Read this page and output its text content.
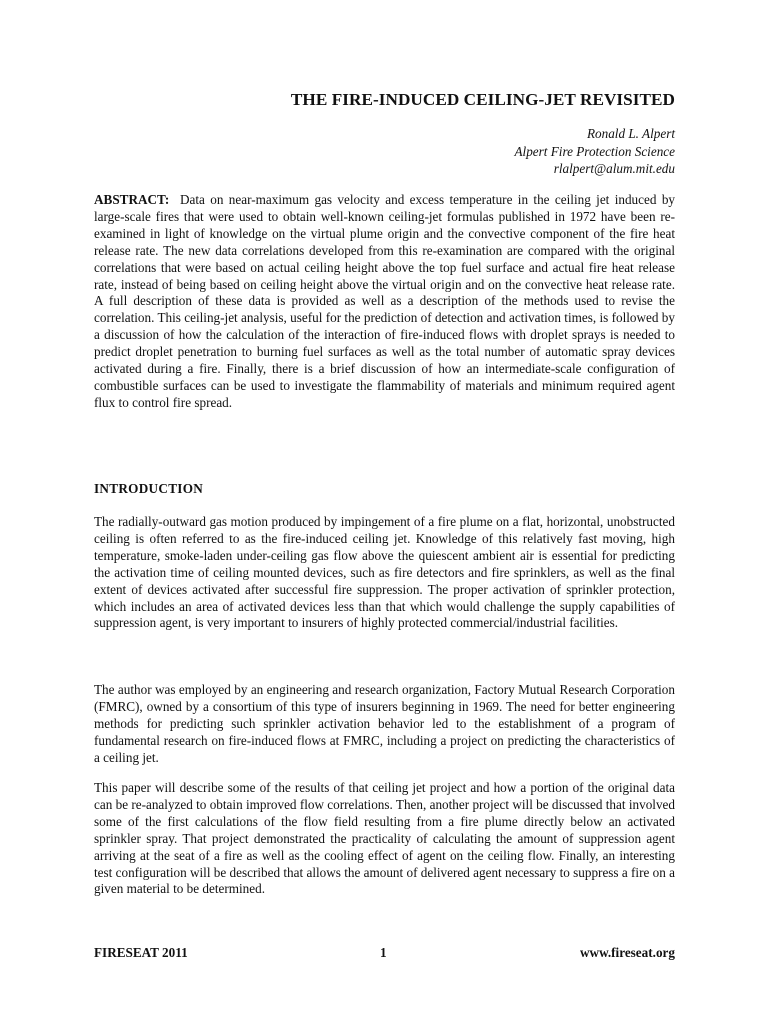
THE FIRE-INDUCED CEILING-JET REVISITED
Ronald L. Alpert
Alpert Fire Protection Science
rlalpert@alum.mit.edu
ABSTRACT: Data on near-maximum gas velocity and excess temperature in the ceiling jet induced by large-scale fires that were used to obtain well-known ceiling-jet formulas published in 1972 have been re-examined in light of knowledge on the virtual plume origin and the convective component of the fire heat release rate. The new data correlations developed from this re-examination are compared with the original correlations that were based on actual ceiling height above the top fuel surface and actual fire heat release rate, instead of being based on ceiling height above the virtual origin and on the convective heat release rate. A full description of these data is provided as well as a description of the methods used to revise the correlation. This ceiling-jet analysis, useful for the prediction of detection and activation times, is followed by a discussion of how the calculation of the interaction of fire-induced flows with droplet sprays is needed to predict droplet penetration to burning fuel surfaces as well as the total number of automatic spray devices activated during a fire. Finally, there is a brief discussion of how an intermediate-scale configuration of combustible surfaces can be used to investigate the flammability of materials and minimum required agent flux to control fire spread.
INTRODUCTION
The radially-outward gas motion produced by impingement of a fire plume on a flat, horizontal, unobstructed ceiling is often referred to as the fire-induced ceiling jet. Knowledge of this relatively fast moving, high temperature, smoke-laden under-ceiling gas flow above the quiescent ambient air is essential for predicting the activation time of ceiling mounted devices, such as fire detectors and fire sprinklers, as well as the final extent of devices activated after successful fire suppression. The proper activation of sprinkler protection, which includes an area of activated devices less than that which would challenge the supply capabilities of suppression agent, is very important to insurers of highly protected commercial/industrial facilities.
The author was employed by an engineering and research organization, Factory Mutual Research Corporation (FMRC), owned by a consortium of this type of insurers beginning in 1969. The need for better engineering methods for predicting such sprinkler activation behavior led to the establishment of a program of fundamental research on fire-induced flows at FMRC, including a project on predicting the characteristics of a ceiling jet.
This paper will describe some of the results of that ceiling jet project and how a portion of the original data can be re-analyzed to obtain improved flow correlations. Then, another project will be discussed that involved some of the first calculations of the flow field resulting from a fire plume directly below an activated sprinkler spray. That project demonstrated the practicality of calculating the amount of suppression agent arriving at the seat of a fire as well as the cooling effect of agent on the ceiling flow. Finally, an interesting test configuration will be described that allows the amount of delivered agent necessary to suppress a fire on a given material to be determined.
FIRESEAT 2011	1	www.fireseat.org
